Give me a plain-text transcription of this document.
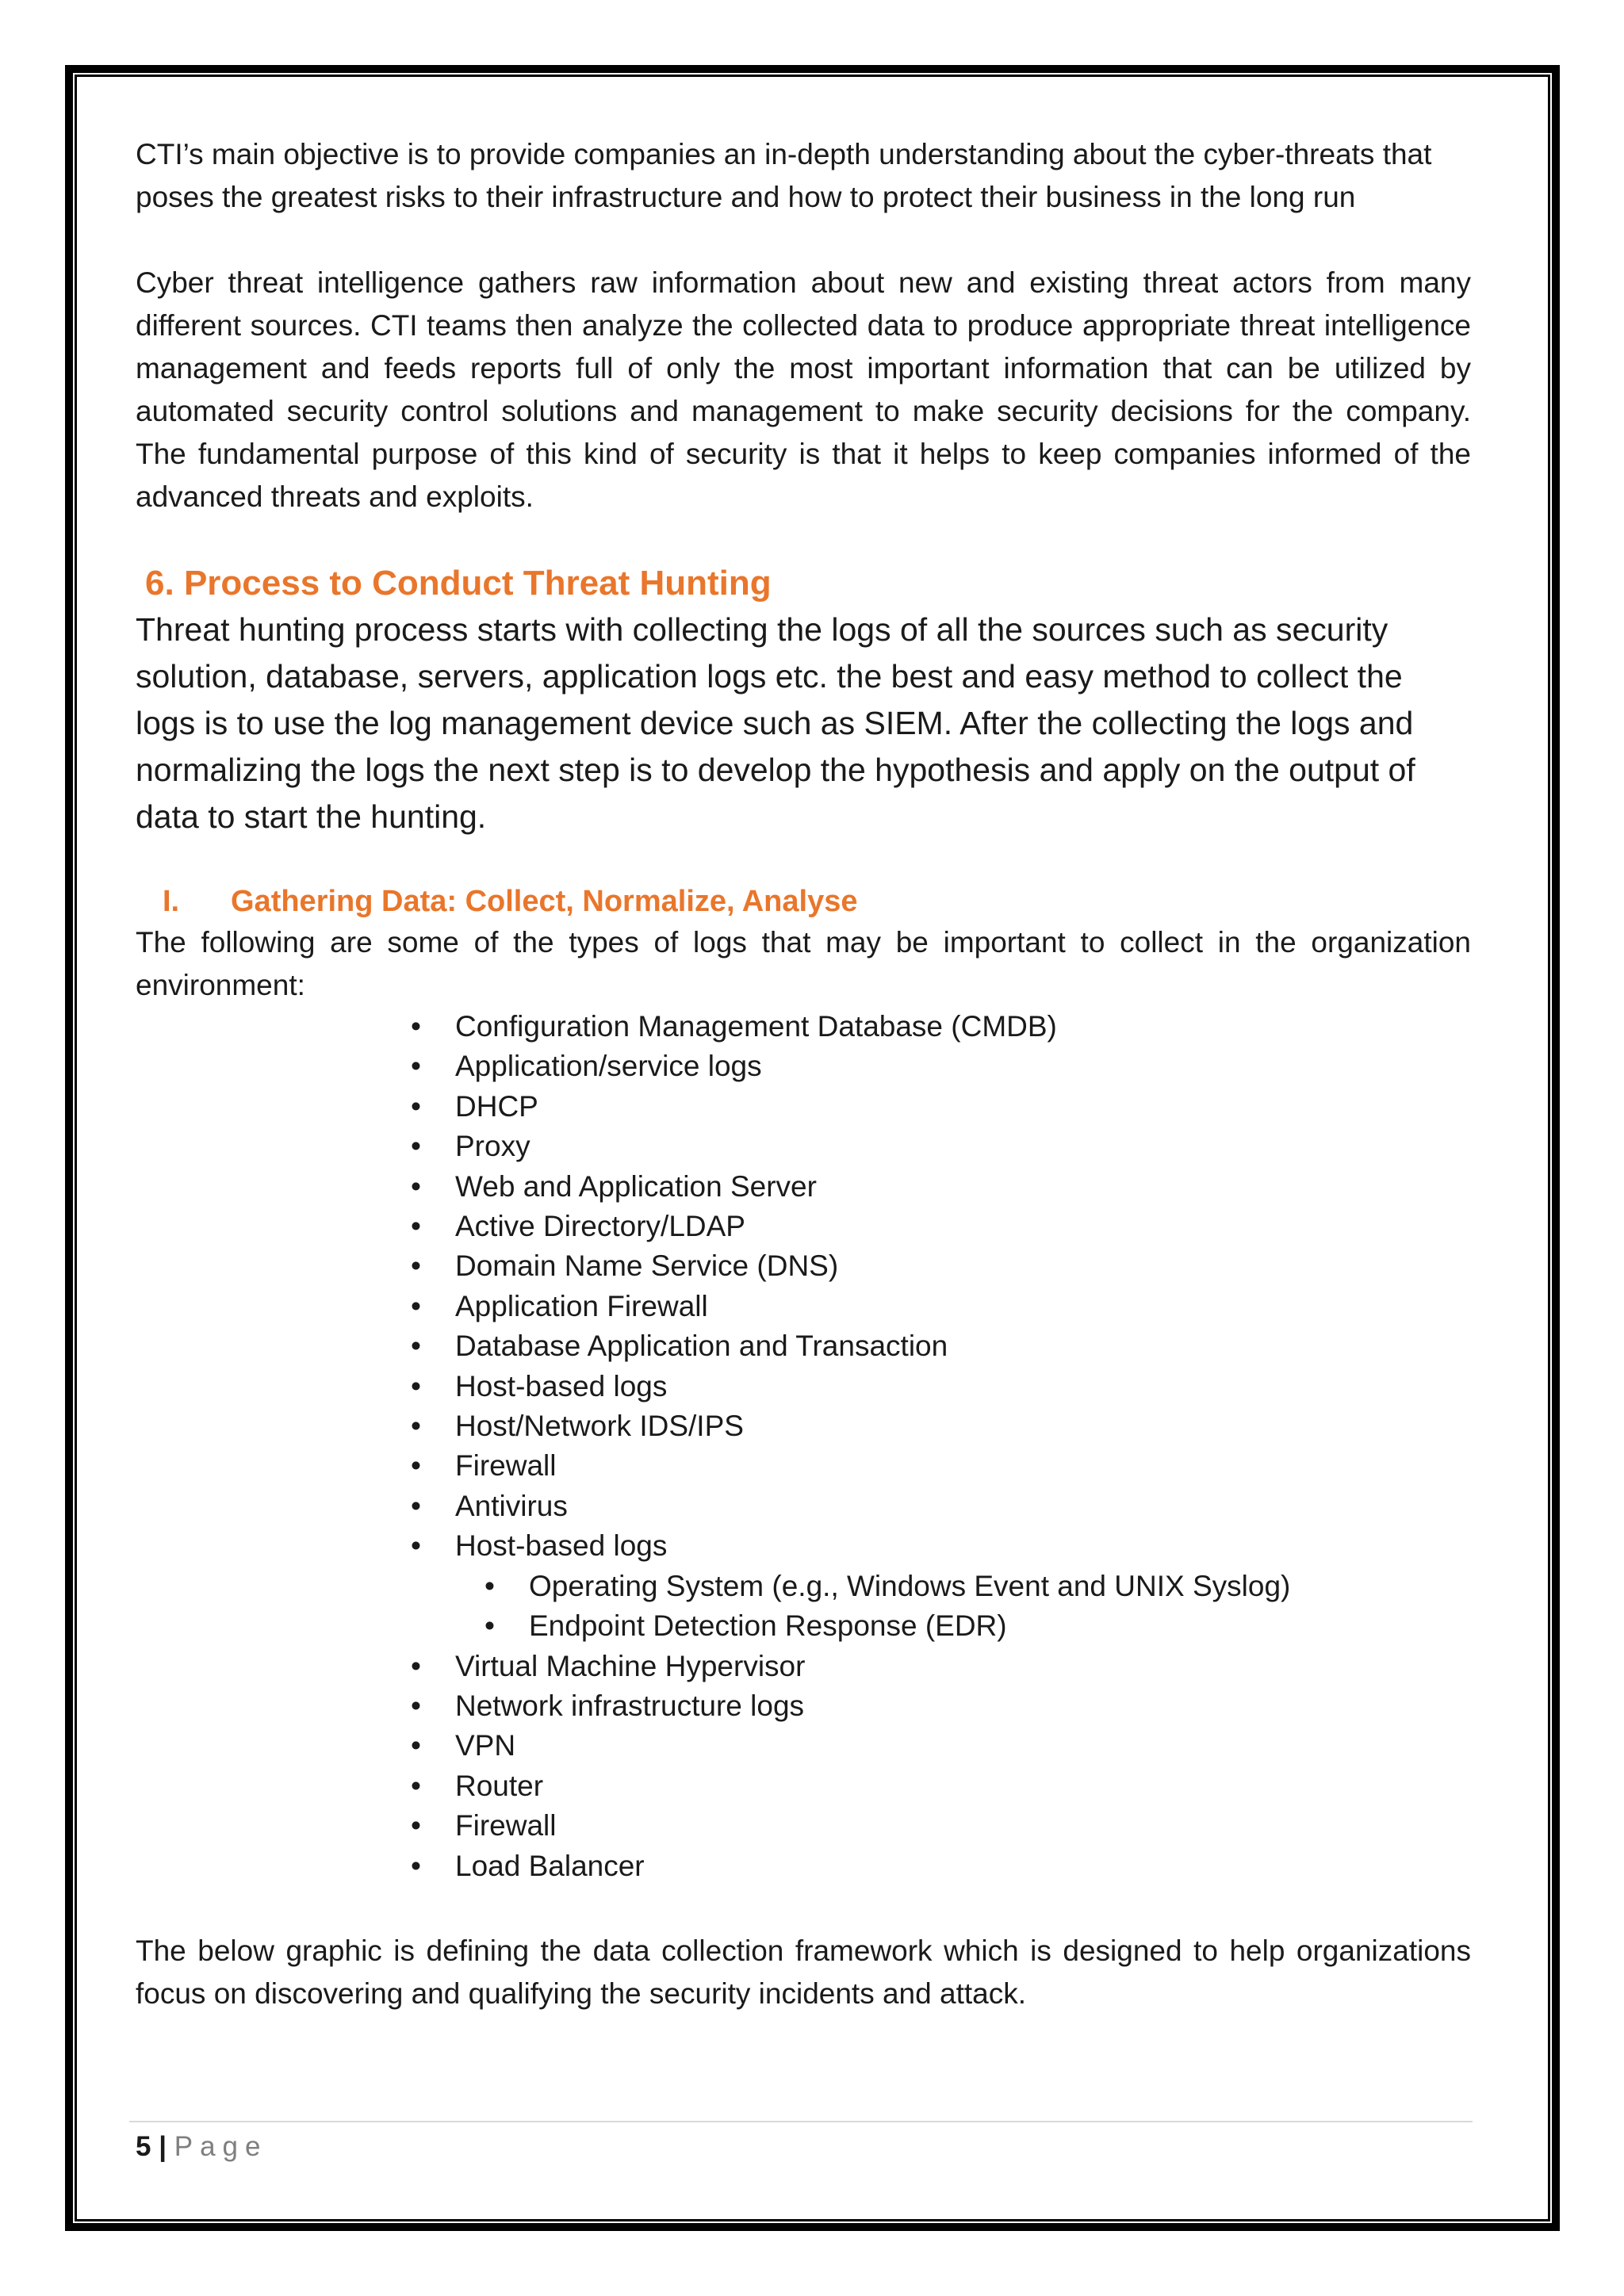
CTI’s main objective is to provide companies an in-depth understanding about the cyber-threats that poses the greatest risks to their infrastructure and how to protect their business in the long run

Cyber threat intelligence gathers raw information about new and existing threat actors from many different sources. CTI teams then analyze the collected data to produce appropriate threat intelligence management and feeds reports full of only the most important information that can be utilized by automated security control solutions and management to make security decisions for the company. The fundamental purpose of this kind of security is that it helps to keep companies informed of the advanced threats and exploits.

6. Process to Conduct Threat Hunting

Threat hunting process starts with collecting the logs of all the sources such as security solution, database, servers, application logs etc. the best and easy method to collect the logs is to use the log management device such as SIEM. After the collecting the logs and normalizing the logs the next step is to develop the hypothesis and apply on the output of data to start the hunting.

I.	Gathering Data: Collect, Normalize, Analyse

The following are some of the types of logs that may be important to collect in the organization environment:

• Configuration Management Database (CMDB)
• Application/service logs
• DHCP
• Proxy
• Web and Application Server
• Active Directory/LDAP
• Domain Name Service (DNS)
• Application Firewall
• Database Application and Transaction
• Host-based logs
• Host/Network IDS/IPS
• Firewall
• Antivirus
• Host-based logs
• Operating System (e.g., Windows Event and UNIX Syslog)
• Endpoint Detection Response (EDR)
• Virtual Machine Hypervisor
• Network infrastructure logs
• VPN
• Router
• Firewall
• Load Balancer

The below graphic is defining the data collection framework which is designed to help organizations focus on discovering and qualifying the security incidents and attack.

5 | Page
